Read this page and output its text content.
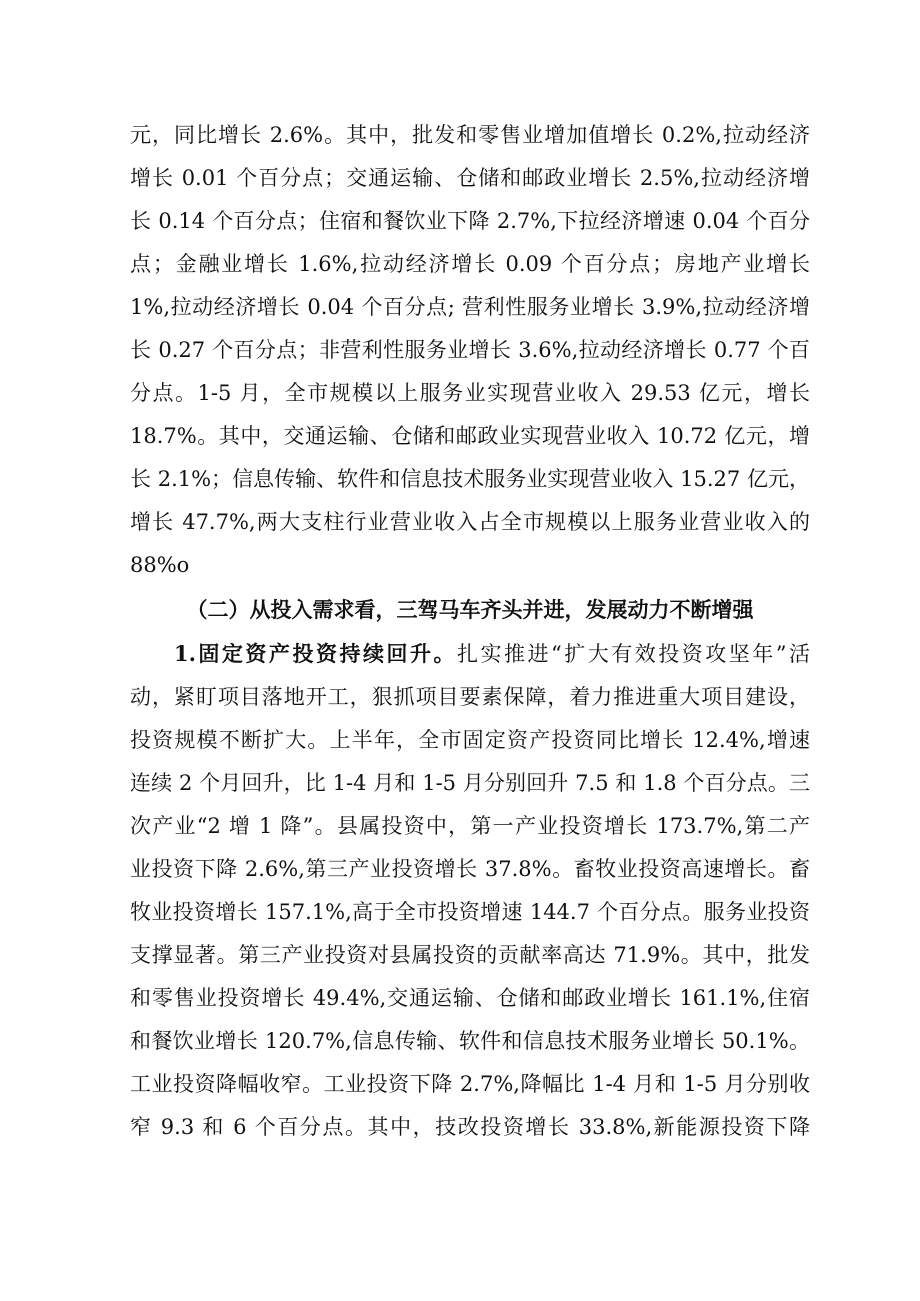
元，同比增长 2.6%。其中，批发和零售业增加值增长 0.2%,拉动经济
增长 0.01 个百分点；交通运输、仓储和邮政业增长 2.5%,拉动经济增
长 0.14 个百分点；住宿和餐饮业下降 2.7%,下拉经济增速 0.04 个百分
点；金融业增长 1.6%,拉动经济增长 0.09 个百分点；房地产业增长
1%,拉动经济增长 0.04 个百分点; 营利性服务业增长 3.9%,拉动经济增
长 0.27 个百分点；非营利性服务业增长 3.6%,拉动经济增长 0.77 个百
分点。1-5 月，全市规模以上服务业实现营业收入 29.53 亿元，增长
18.7%。其中，交通运输、仓储和邮政业实现营业收入 10.72 亿元，增
长 2.1%；信息传输、软件和信息技术服务业实现营业收入 15.27 亿元，
增长 47.7%,两大支柱行业营业收入占全市规模以上服务业营业收入的
88%o
（二）从投入需求看，三驾马车齐头并进，发展动力不断增强
1.固定资产投资持续回升。扎实推进“扩大有效投资攻坚年”活
动，紧盯项目落地开工，狠抓项目要素保障，着力推进重大项目建设，
投资规模不断扩大。上半年，全市固定资产投资同比增长 12.4%,增速
连续 2 个月回升，比 1-4 月和 1-5 月分别回升 7.5 和 1.8 个百分点。三
次产业“2 增 1 降”。县属投资中，第一产业投资增长 173.7%,第二产
业投资下降 2.6%,第三产业投资增长 37.8%。畜牧业投资高速增长。畜
牧业投资增长 157.1%,高于全市投资增速 144.7 个百分点。服务业投资
支撑显著。第三产业投资对县属投资的贡献率高达 71.9%。其中，批发
和零售业投资增长 49.4%,交通运输、仓储和邮政业增长 161.1%,住宿
和餐饮业增长 120.7%,信息传输、软件和信息技术服务业增长 50.1%。
工业投资降幅收窄。工业投资下降 2.7%,降幅比 1-4 月和 1-5 月分别收
窄 9.3 和 6 个百分点。其中，技改投资增长 33.8%,新能源投资下降
